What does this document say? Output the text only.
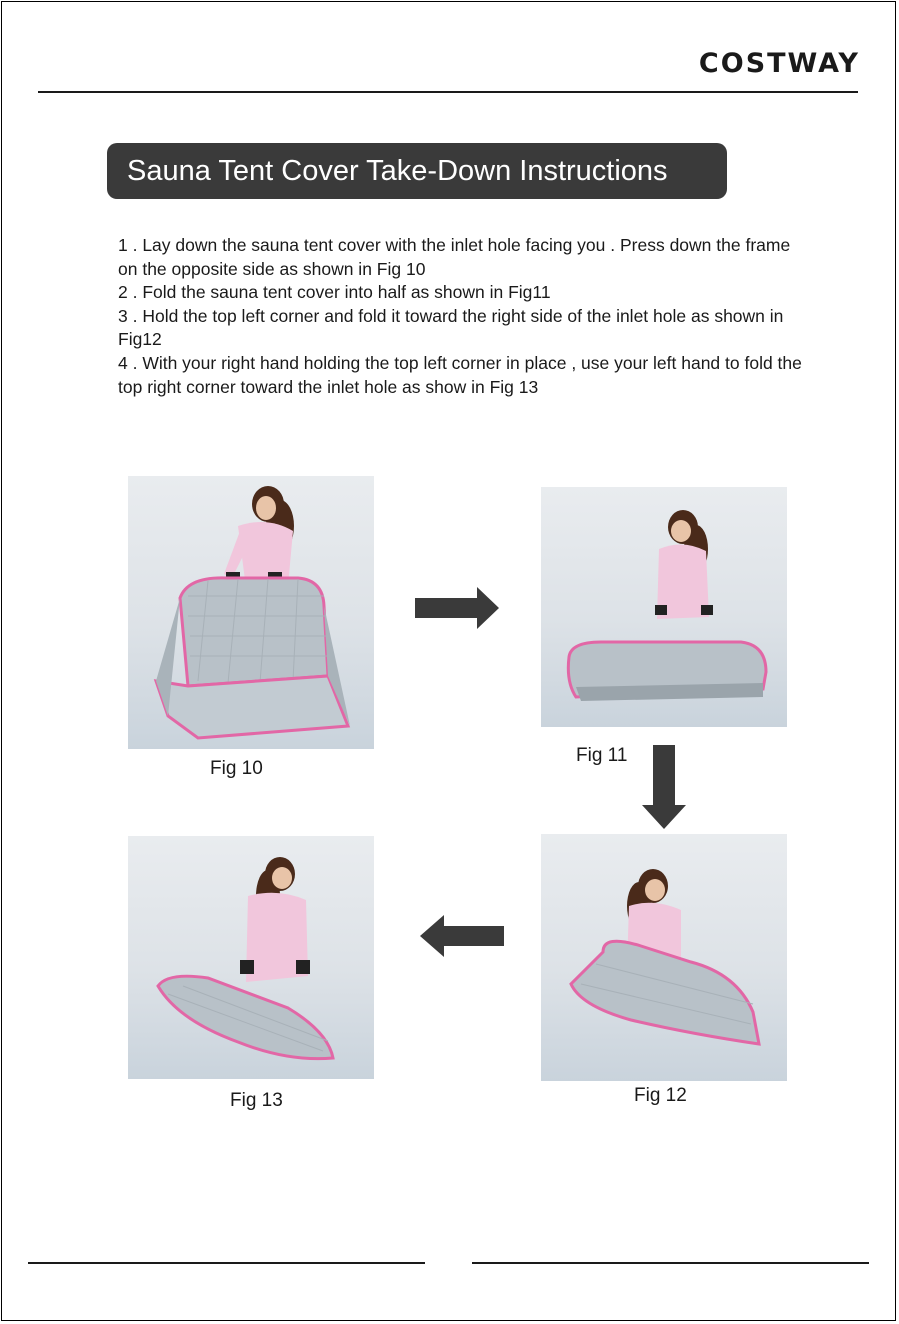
COSTWAY
Sauna Tent Cover Take-Down Instructions

1 . Lay down the sauna tent cover with the inlet hole facing you . Press down the frame on the opposite side as shown in Fig 10

2 . Fold the sauna tent cover into half as shown in Fig11

3 . Hold the top left corner and fold it toward the right side of the inlet hole as shown in Fig12

4 . With your right hand holding the top left corner in place , use your left hand to fold the top right corner toward the inlet hole as show in Fig 13

Fig 10
Fig 11
Fig 12
Fig 13
